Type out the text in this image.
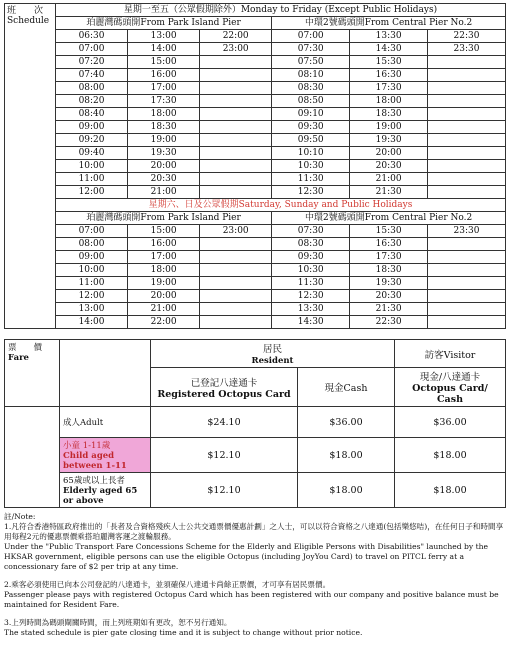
班　　次
Schedule	星期一至五（公眾假期除外）Monday to Friday (Except Public Holidays)					
	珀麗灣碼頭開From Park Island Pier			中環2號碼頭開From Central Pier No.2		
	06:30	13:00	22:00	07:00	13:30	22:30
	07:00	14:00	23:00	07:30	14:30	23:30
	07:20	15:00		07:50	15:30	
	07:40	16:00		08:10	16:30	
	08:00	17:00		08:30	17:30	
	08:20	17:30		08:50	18:00	
	08:40	18:00		09:10	18:30	
	09:00	18:30		09:30	19:00	
	09:20	19:00		09:50	19:30	
	09:40	19:30		10:10	20:00	
	10:00	20:00		10:30	20:30	
	11:00	20:30		11:30	21:00	
	12:00	21:00		12:30	21:30	
	星期六、日及公眾假期Saturday, Sunday and Public Holidays					
	珀麗灣碼頭開From Park Island Pier			中環2號碼頭開From Central Pier No.2		
	07:00	15:00	23:00	07:30	15:30	23:30
	08:00	16:00		08:30	16:30	
	09:00	17:00		09:30	17:30	
	10:00	18:00		10:30	18:30	
	11:00	19:00		11:30	19:30	
	12:00	20:00		12:30	20:30	
	13:00	21:00		13:30	21:30	
	14:00	22:00		14:30	22:30	
票　　價
Fare		居民
Resident		訪客Visitor
		已登記八達通卡
Registered Octopus Card	現金Cash	現金/八達通卡
Octopus Card/ Cash
	成人Adult	$24.10	$36.00	$36.00
	小童 1-11歲
Child aged between 1-11	$12.10	$18.00	$18.00
	65歲或以上長者
Elderly aged 65 or above	$12.10	$18.00	$18.00

註/Note:

1.凡符合香港特區政府推出的「長者及合資格殘疾人士公共交通票價優惠計劃」之人士，可以以符合資格之八達通(包括樂悠咭)，在任何日子和時間享用每程2元的優惠票價乘搭珀麗灣客運之渡輪服務。

Under the "Public Transport Fare Concessions Scheme for the Elderly and Eligible Persons with Disabilities" launched by the HKSAR government, eligible persons can use the eligible Octopus (including JoyYou Card) to travel on PITCL ferry at a concessionary fare of $2 per trip at any time.

2.乘客必須使用已向本公司登記的八達通卡，並須確保八達通卡尚餘正票價，才可享有居民票價。

Passenger please pays with registered Octopus Card which has been registered with our company and positive balance must be maintained for Resident Fare.

3.上列時間為碼頭閘關時間，而上列班期如有更改，恕不另行通知。

The stated schedule is pier gate closing time and it is subject to change without prior notice.
